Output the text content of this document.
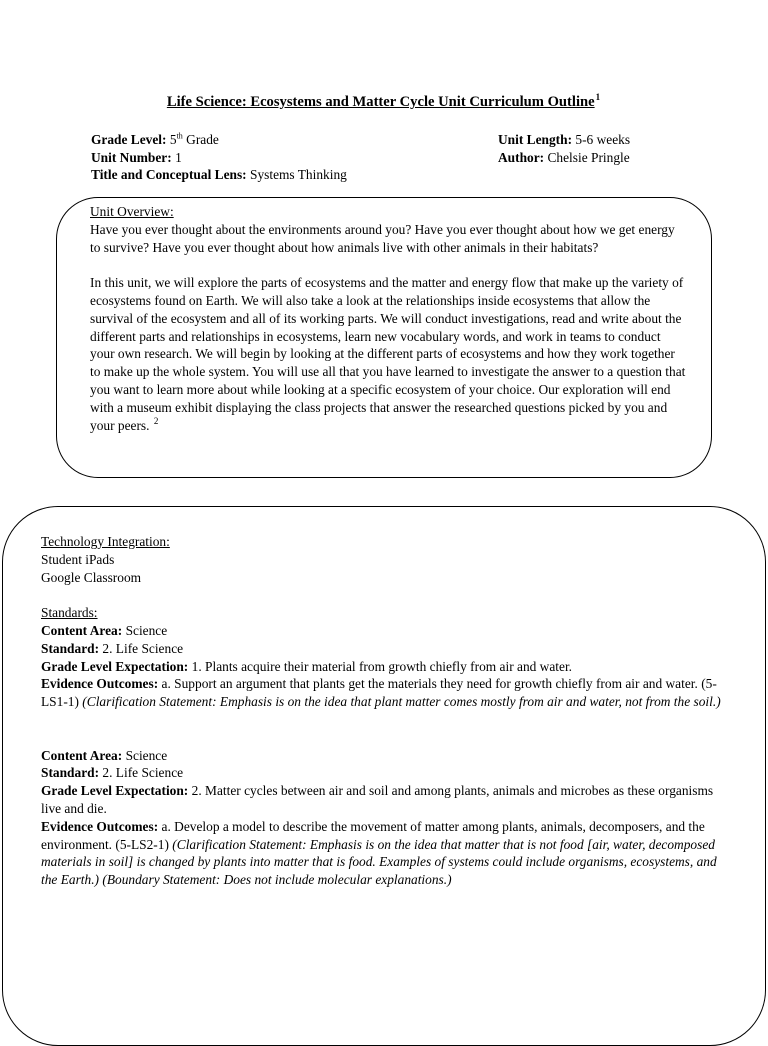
Life Science: Ecosystems and Matter Cycle Unit Curriculum Outline1
Grade Level: 5th Grade
Unit Number: 1
Title and Conceptual Lens: Systems Thinking
Unit Length: 5-6 weeks
Author: Chelsie Pringle

Unit Overview:

Have you ever thought about the environments around you? Have you ever thought about how we get energy to survive? Have you ever thought about how animals live with other animals in their habitats?

In this unit, we will explore the parts of ecosystems and the matter and energy flow that make up the variety of ecosystems found on Earth. We will also take a look at the relationships inside ecosystems that allow the survival of the ecosystem and all of its working parts. We will conduct investigations, read and write about the different parts and relationships in ecosystems, learn new vocabulary words, and work in teams to conduct your own research. We will begin by looking at the different parts of ecosystems and how they work together to make up the whole system. You will use all that you have learned to investigate the answer to a question that you want to learn more about while looking at a specific ecosystem of your choice. Our exploration will end with a museum exhibit displaying the class projects that answer the researched questions picked by you and your peers. 2

Technology Integration:

Student iPads

Google Classroom

Standards:

Content Area: Science

Standard: 2. Life Science

Grade Level Expectation: 1. Plants acquire their material from growth chiefly from air and water.

Evidence Outcomes: a. Support an argument that plants get the materials they need for growth chiefly from air and water. (5-LS1-1) (Clarification Statement: Emphasis is on the idea that plant matter comes mostly from air and water, not from the soil.)

Content Area: Science

Standard: 2. Life Science

Grade Level Expectation: 2. Matter cycles between air and soil and among plants, animals and microbes as these organisms live and die.

Evidence Outcomes: a. Develop a model to describe the movement of matter among plants, animals, decomposers, and the environment. (5-LS2-1) (Clarification Statement: Emphasis is on the idea that matter that is not food [air, water, decomposed materials in soil] is changed by plants into matter that is food. Examples of systems could include organisms, ecosystems, and the Earth.) (Boundary Statement: Does not include molecular explanations.)
